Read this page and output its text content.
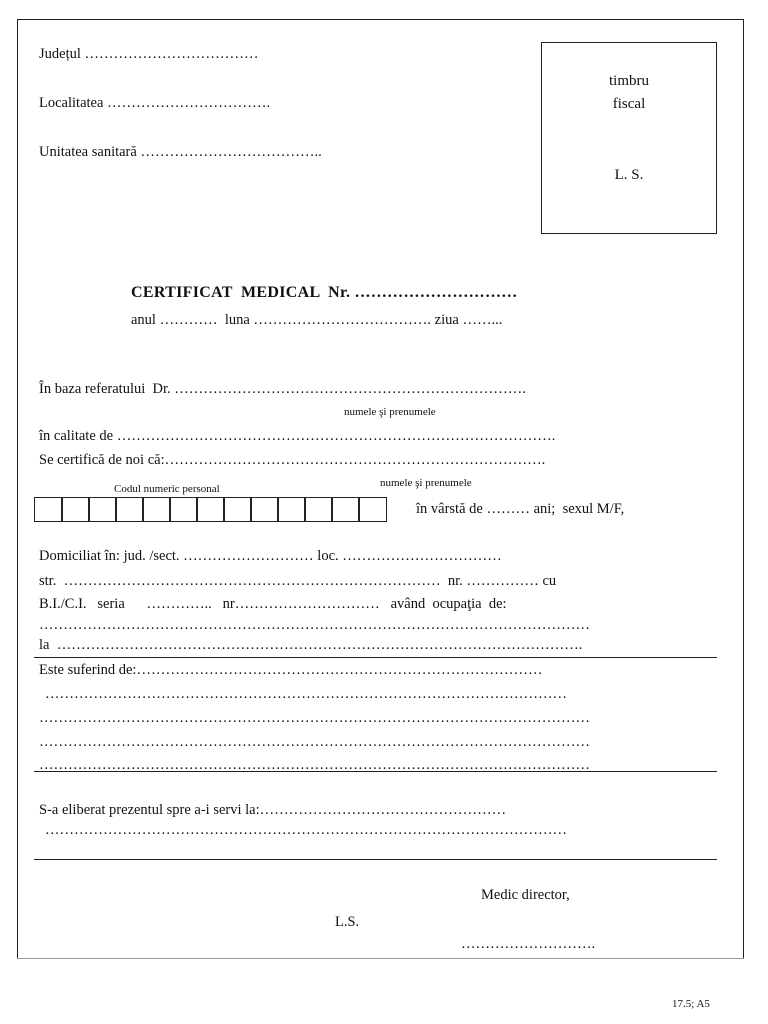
Județul ………………………………
Localitatea …………………………….
Unitatea sanitară ………………………………..
timbru
fiscal
L. S.
CERTIFICAT  MEDICAL  Nr. …………………………
anul …………  luna ………………………………. ziua ……...
În baza referatului  Dr. ……………………………………………………………….
numele şi prenumele
în calitate de ……………………………………………………………………………….
Se certifică de noi că:…………………………………………………………………….
Codul numeric personal	numele şi prenumele
în vârstă de ……… ani;  sexul M/F,
Domiciliat în: jud. /sect. ……………………… loc. ……………………………
str.  ……………………………………………………………………  nr. …………… cu
B.I./C.I.   seria      …………..   nr…………………………   având  ocupaţia  de:
……………………………………………………………………………………………………
la  ……………………………………………………………………………………………….
Este suferind de:…………………………………………………………………………
………………………………………………………………………………………………
……………………………………………………………………………………………………
……………………………………………………………………………………………………
……………………………………………………………………………………………………
S-a eliberat prezentul spre a-i servi la:……………………………………………
………………………………………………………………………………………………
Medic director,
L.S.
……………………….
17.5; A5
